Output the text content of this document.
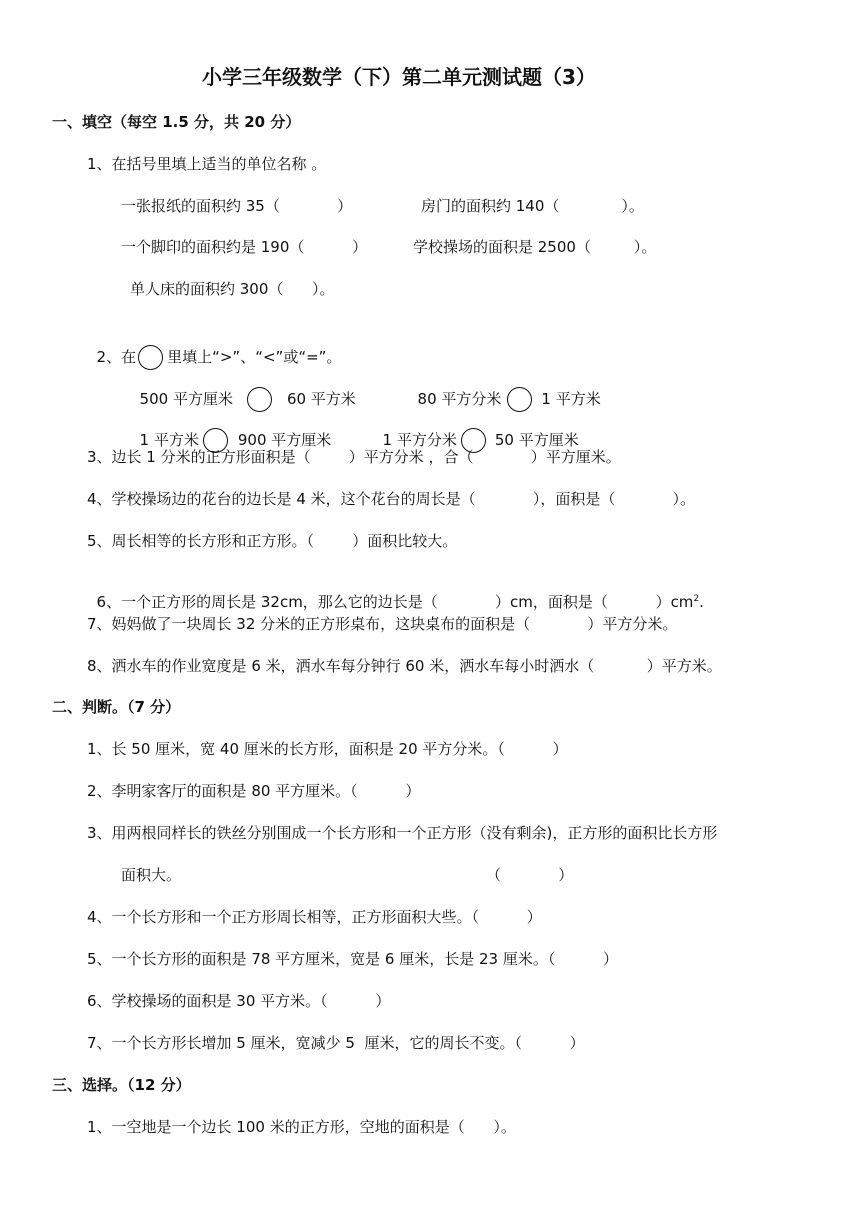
小学三年级数学（下）第二单元测试题（3）
一、填空（每空 1.5 分，共 20 分）
1、在括号里填上适当的单位名称 。
一张报纸的面积约 35（            ）	房门的面积约 140（             ）。
一个脚印的面积约是 190（          ）	学校操场的面积是 2500（         ）。
单人床的面积约 300（      ）。

2、在 里填上“>”、“<”或“=”。

500 平方厘米	60 平方米	80 平方分米	1 平方米

1 平方米	900 平方厘米	1 平方分米	50 平方厘米

3、边长 1 分米的正方形面积是（        ）平方分米 ，合（            ）平方厘米。
4、学校操场边的花台的边长是 4 米，这个花台的周长是（            ），面积是（            ）。
5、周长相等的长方形和正方形。（        ）面积比较大。

6、一个正方形的周长是 32cm，那么它的边长是（            ）cm，面积是（          ）$cm^2$.

7、妈妈做了一块周长 32 分米的正方形桌布，这块桌布的面积是（            ）平方分米。
8、洒水车的作业宽度是 6 米，洒水车每分钟行 60 米，洒水车每小时洒水（           ）平方米。
二、判断。（7 分）
1、长 50 厘米，宽 40 厘米的长方形，面积是 20 平方分米。（          ）
2、李明家客厅的面积是 80 平方厘米。（          ）
3、用两根同样长的铁丝分别围成一个长方形和一个正方形（没有剩余)，正方形的面积比长方形
面积大。	（            ）
4、一个长方形和一个正方形周长相等，正方形面积大些。（          ）
5、一个长方形的面积是 78 平方厘米，宽是 6 厘米，长是 23 厘米。（          ）
6、学校操场的面积是 30 平方米。（          ）
7、一个长方形长增加 5 厘米，宽减少 5  厘米，它的周长不变。（          ）
三、选择。（12 分）
1、一空地是一个边长 100 米的正方形，空地的面积是（      ）。
